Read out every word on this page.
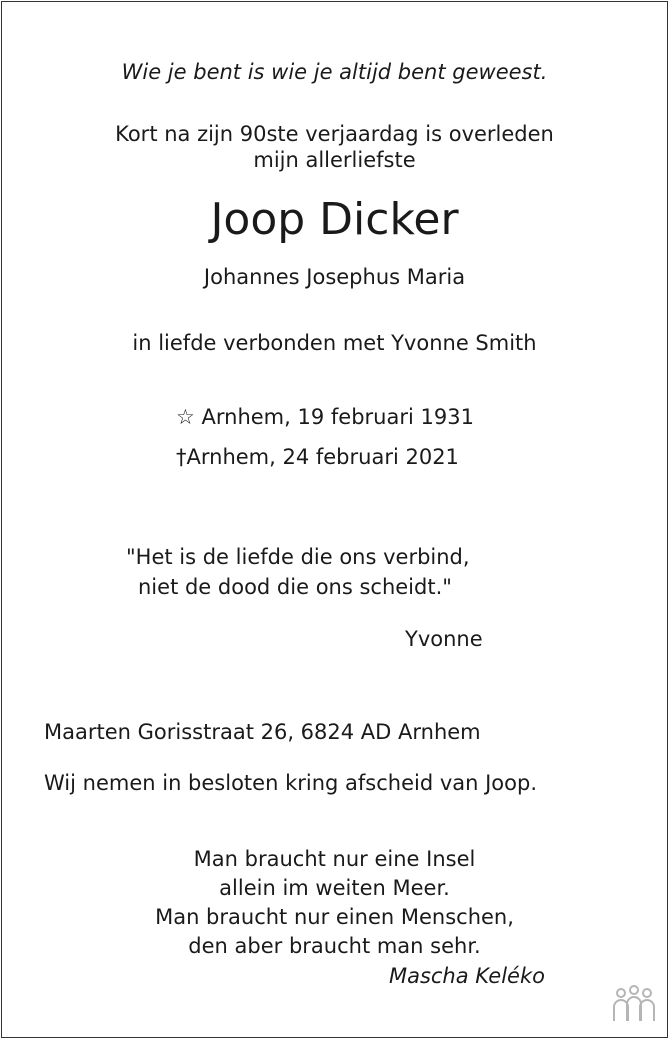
Wie je bent is wie je altijd bent geweest.
Kort na zijn 90ste verjaardag is overleden
mijn allerliefste
Joop Dicker
Johannes Josephus Maria
in liefde verbonden met Yvonne Smith
☆ Arnhem, 19 februari 1931
†Arnhem, 24 februari 2021
"Het is de liefde die ons verbind,
niet de dood die ons scheidt."
Yvonne
Maarten Gorisstraat 26, 6824 AD Arnhem
Wij nemen in besloten kring afscheid van Joop.
Man braucht nur eine Insel
allein im weiten Meer.
Man braucht nur einen Menschen,
den aber braucht man sehr.
Mascha Keléko
